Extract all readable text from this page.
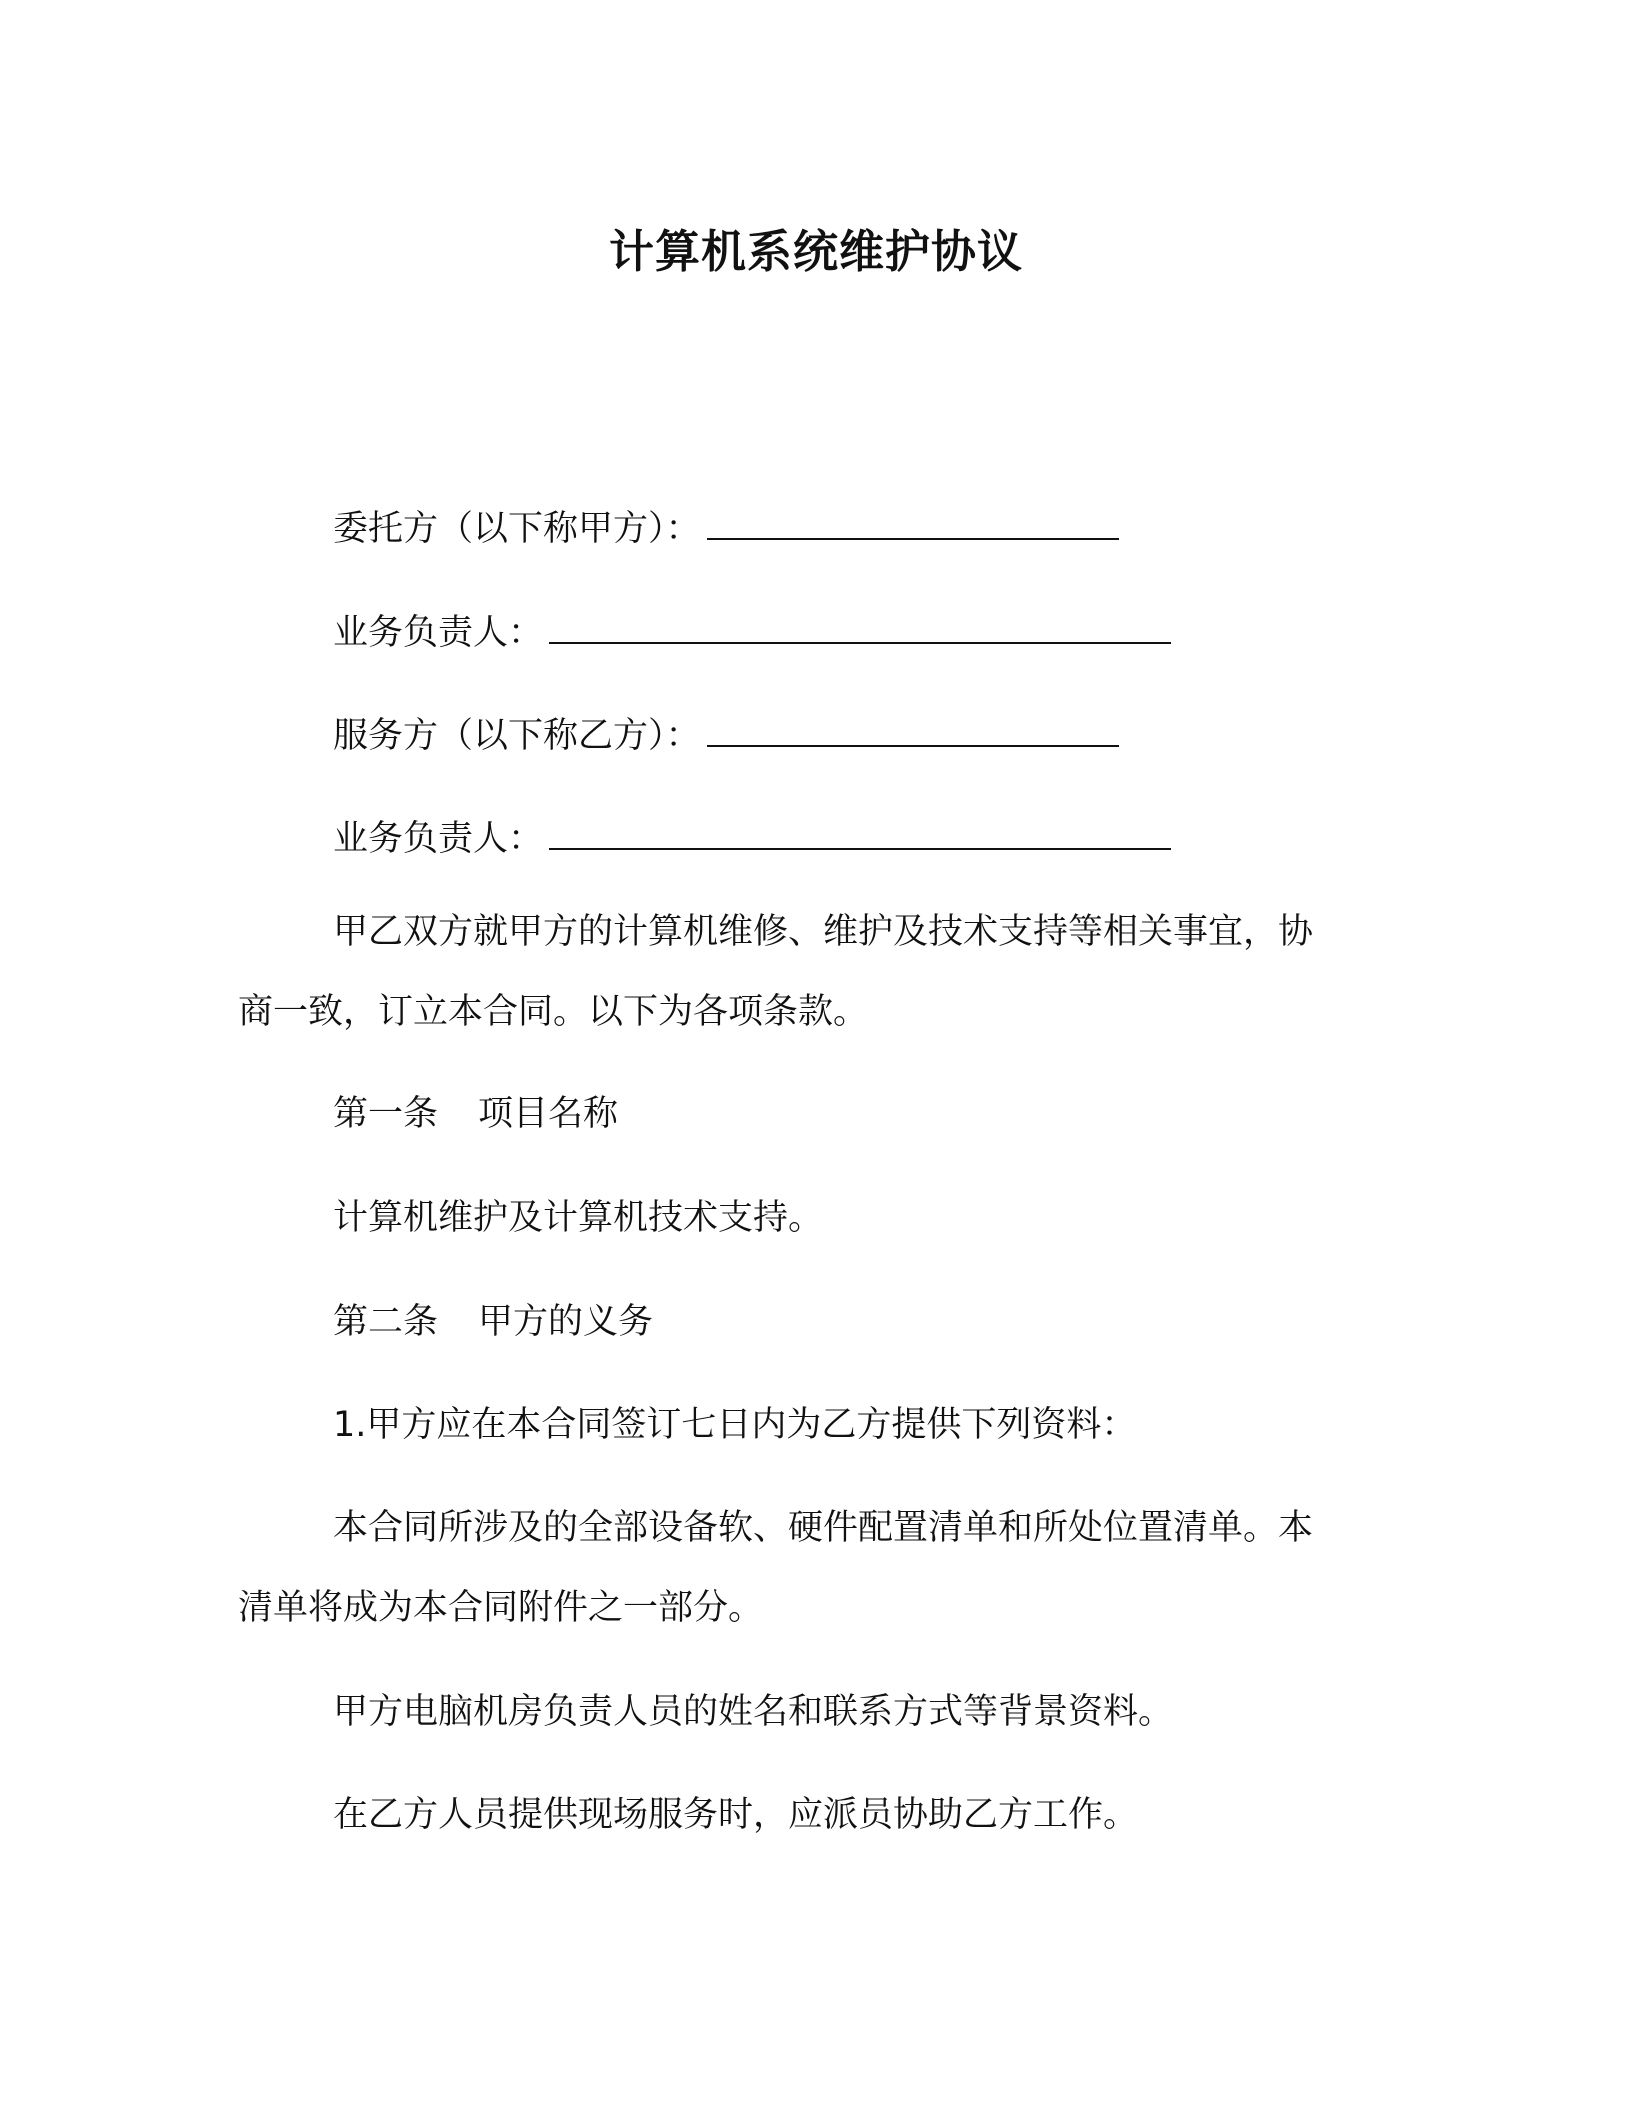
计算机系统维护协议
委托方（以下称甲方）：
业务负责人：
服务方（以下称乙方）：
业务负责人：
甲乙双方就甲方的计算机维修、维护及技术支持等相关事宜，协
商一致，订立本合同。以下为各项条款。
第一条 项目名称
计算机维护及计算机技术支持。
第二条 甲方的义务
1.甲方应在本合同签订七日内为乙方提供下列资料：
本合同所涉及的全部设备软、硬件配置清单和所处位置清单。本
清单将成为本合同附件之一部分。
甲方电脑机房负责人员的姓名和联系方式等背景资料。
在乙方人员提供现场服务时，应派员协助乙方工作。
